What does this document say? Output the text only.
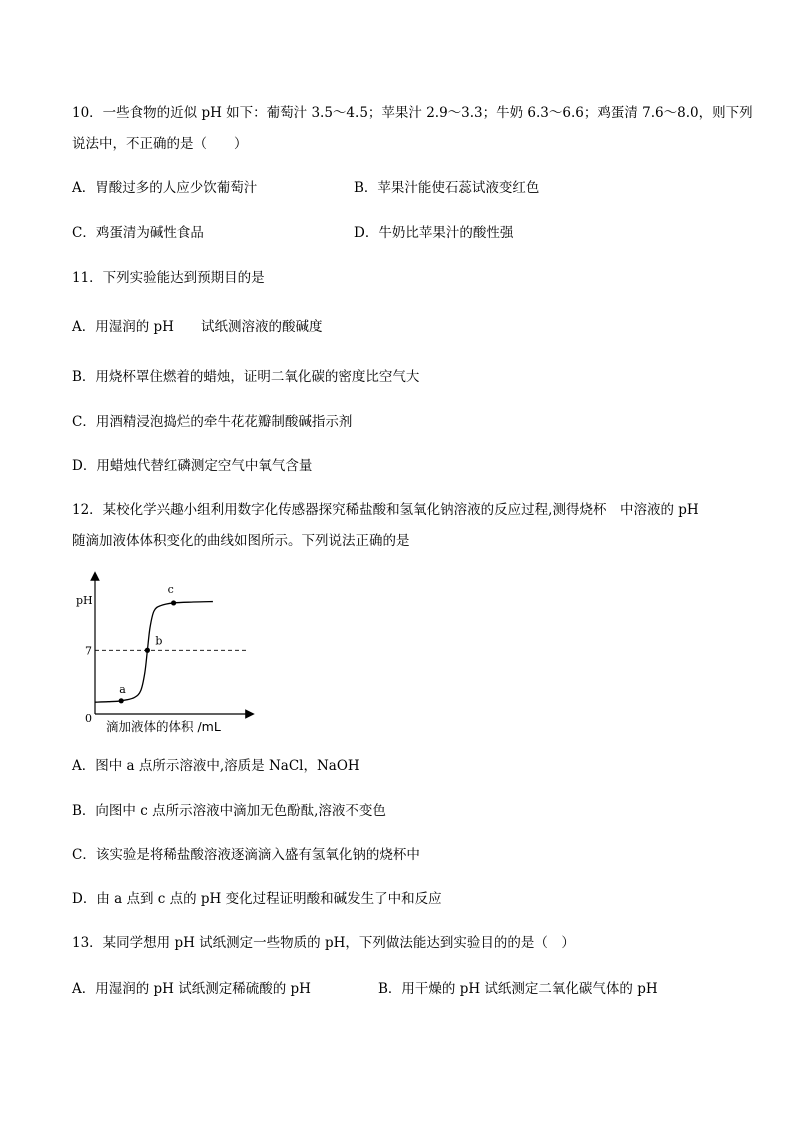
10．一些食物的近似 pH 如下：葡萄汁 3.5～4.5；苹果汁 2.9～3.3；牛奶 6.3～6.6；鸡蛋清 7.6～8.0，则下列
说法中，不正确的是（　　）
A．胃酸过多的人应少饮葡萄汁	B．苹果汁能使石蕊试液变红色
C．鸡蛋清为碱性食品	D．牛奶比苹果汁的酸性强
11．下列实验能达到预期目的是
A．用湿润的 pH　　试纸测溶液的酸碱度
B．用烧杯罩住燃着的蜡烛，证明二氧化碳的密度比空气大
C．用酒精浸泡捣烂的牵牛花花瓣制酸碱指示剂
D．用蜡烛代替红磷测定空气中氧气含量
12．某校化学兴趣小组利用数字化传感器探究稀盐酸和氢氧化钠溶液的反应过程,测得烧杯　中溶液的 pH
随滴加液体体积变化的曲线如图所示。下列说法正确的是
pH
0
滴加液体的体积 /mL
7
a
b
c
A．图中 a 点所示溶液中,溶质是 NaCl，NaOH
B．向图中 c 点所示溶液中滴加无色酚酞,溶液不变色
C．该实验是将稀盐酸溶液逐滴滴入盛有氢氧化钠的烧杯中
D．由 a 点到 c 点的 pH 变化过程证明酸和碱发生了中和反应
13．某同学想用 pH 试纸测定一些物质的 pH，下列做法能达到实验目的的是（　）
A．用湿润的 pH 试纸测定稀硫酸的 pH	B．用干燥的 pH 试纸测定二氧化碳气体的 pH
